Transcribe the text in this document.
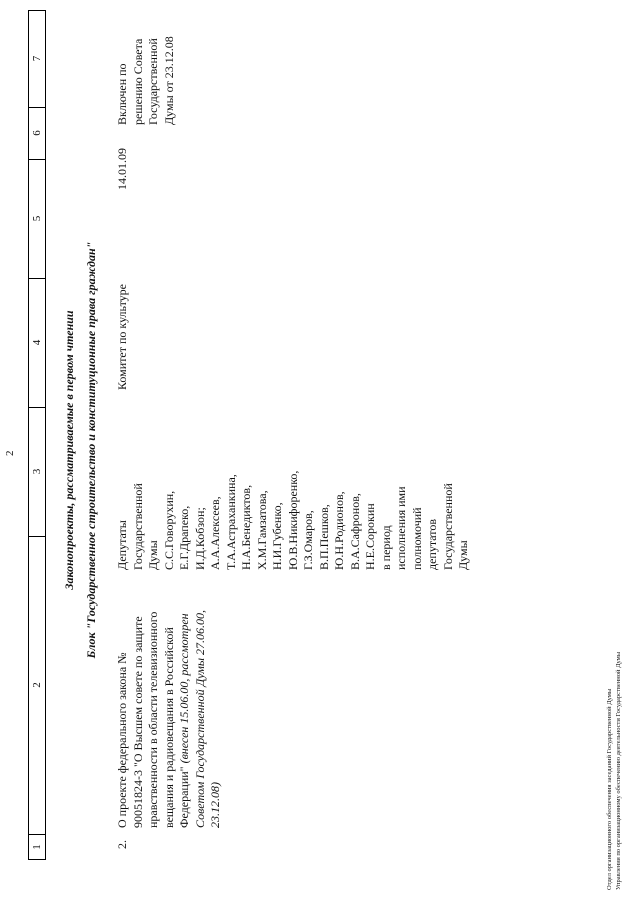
2
1
2
3
4
5
6
7
Законопроекты, рассматриваемые в первом чтении Блок "Государственное строительство и конституционные права граждан"
2.
О проекте федерального закона № 90051824-3 "О Высшем совете по защите нравственности в области телевизионного вещания и радиовещания в Российской Федерации" (внесен 15.06.00, рассмотрен Советом Государственной Думы 27.06.00, 23.12.08)
Депутаты Государственной Думы С.С.Говорухин, Е.Г.Драпеко, И.Д.Кобзон; А.А.Алексеев, Т.А.Астраханкина, Н.А.Бенедиктов, Х.М.Гамзатова, Н.И.Губенко, Ю.В.Никифоренко, Г.З.Омаров, В.П.Пешков, Ю.Н.Родионов, В.А.Сафронов, Н.Е.Сорокин в период исполнения ими полномочий депутатов Государственной Думы
Комитет по культуре
14.01.09
Включен по решению Совета Государственной Думы от 23.12.08
Отдел организационного обеспечения заседаний Государственной Думы Управления по организационному обеспечению деятельности Государственной Думы
